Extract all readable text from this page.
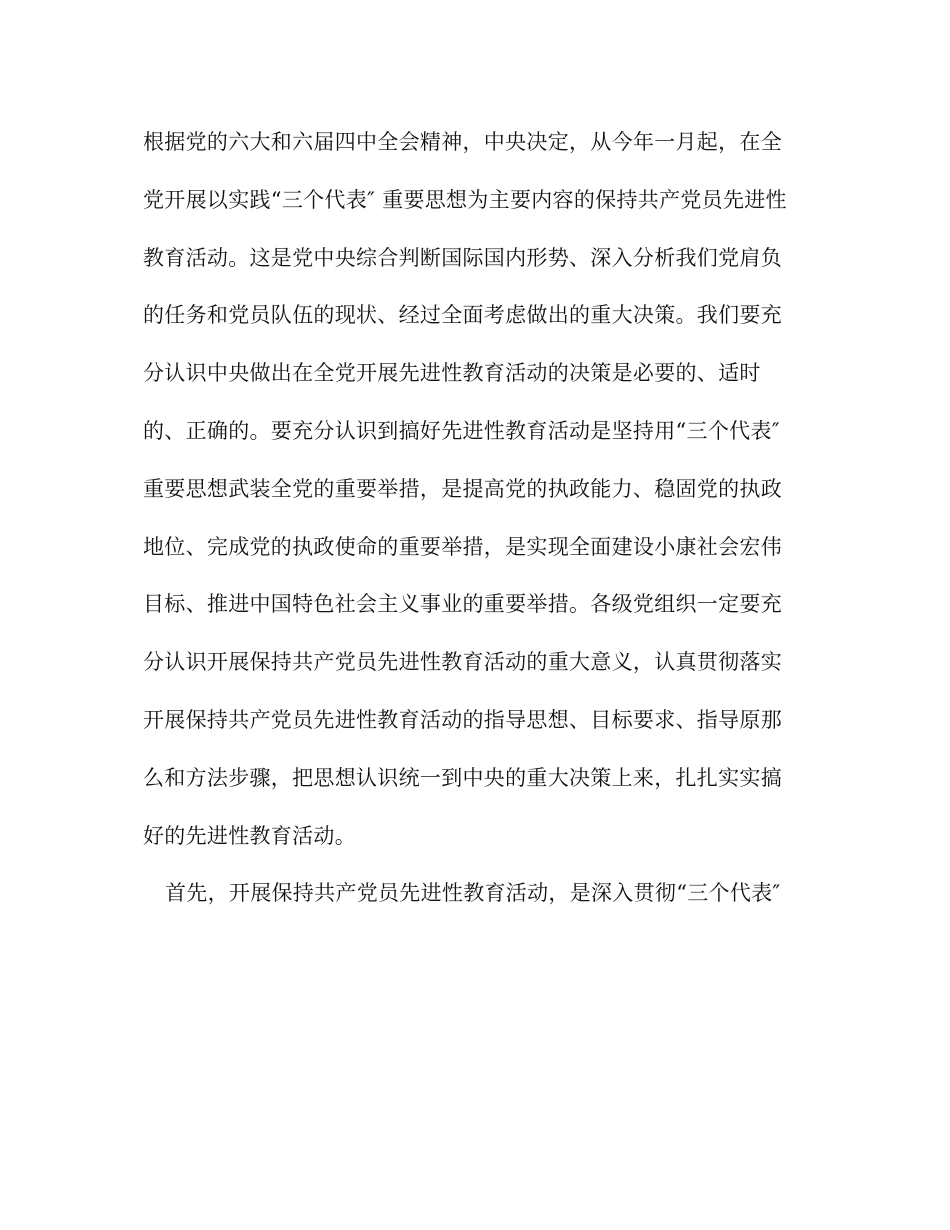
根据党的六大和六届四中全会精神，中央决定，从今年一月起，在全
党开展以实践“三个代表″ 重要思想为主要内容的保持共产党员先进性
教育活动。这是党中央综合判断国际国内形势、深入分析我们党肩负
的任务和党员队伍的现状、经过全面考虑做出的重大决策。我们要充
分认识中央做出在全党开展先进性教育活动的决策是必要的、适时
的、正确的。要充分认识到搞好先进性教育活动是坚持用“三个代表″
重要思想武装全党的重要举措，是提高党的执政能力、稳固党的执政
地位、完成党的执政使命的重要举措，是实现全面建设小康社会宏伟
目标、推进中国特色社会主义事业的重要举措。各级党组织一定要充
分认识开展保持共产党员先进性教育活动的重大意义，认真贯彻落实
开展保持共产党员先进性教育活动的指导思想、目标要求、指导原那
么和方法步骤，把思想认识统一到中央的重大决策上来，扎扎实实搞
好的先进性教育活动。
首先，开展保持共产党员先进性教育活动，是深入贯彻“三个代表″
